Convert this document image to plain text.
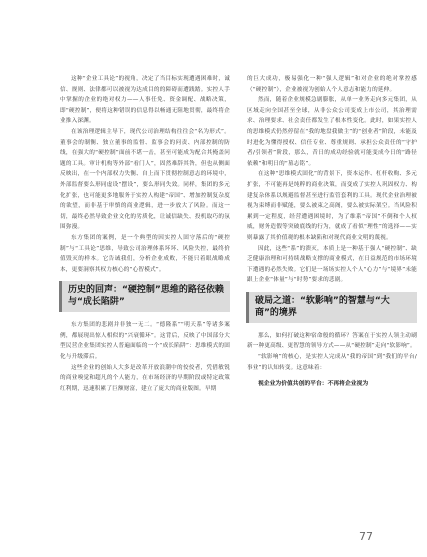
这种“企业工具论”的视角，决定了当目标实现遭遇困难时，诚信、规则、法律都可以被视为达成目的的障碍而遭践踏。实控人手中掌握的企业的绝对权力——人事任免、资金调配、战略决策，即“硬控制”，便将这种错误的信息得以畅通无阻地贯彻，最终将企业推入深渊。

在该治理逻辑主导下，现代公司治理结构往往会“名为形式”。董事会的制衡、独立董事的监督、监事会的问责、内部控制的防线，在强大的“硬控制”面前不堪一击，甚至可能成为配合其掩盖问题的工具。审计机构等外部“看门人”，固然难辞其咎，但也从侧面反映出，在一个内部权力失衡、自上而下贯彻控制意志的环境中，外部监督要么形同虚设“摆设”，要么形同失效。同样，集团的多元化扩张，也可能更多地服务于实控人构建“帝国”、增加控制复杂度的欲望，而非基于审慎的商业逻辑，进一步放大了风险。而这一切，最终必然导致企业文化的劣质化，让诚信缺失、投机取巧的氛围弥漫。

东方集团的案例，是一个典型的因实控人固守落后的“硬控制”与“工具论”思维，导致公司治理体系坏坏、风险失控，最终价值毁灭的样本。它告诫我们，分析企业成败，不能只着眼战略成本，更要洞察其权力核心的“心智模式”。

历史的回声：“硬控制”思维的路径依赖与“成长陷阱”

东方集团的悲剧并非独一无二。“德隆系”“明天系”等诸多案例，都展现出惊人相似的“兴衰循环”。这背后，反映了中国部分大型民营企业集团实控人普遍面临的一个“成长陷阱”：思维模式的固化与升级滞后。

这些企业的创始人大多是改革开放浪潮中的佼佼者，凭借敏锐的商业嗅觉和超凡的个人能力，在市场经济的早期阶段或特定政策红利期，迅速积累了巨额财富，建立了庞大的商业版图。早期

的巨大成功，极易强化一种“强人逻辑”和对企业的绝对掌控感（“硬控制”），企业被视为创始人个人意志和能力的延伸。

然而，随着企业规模急剧膨胀，从单一业务走向多元集团，从区域走向全国甚至全球，从非公众公司变成上市公司，其治理需求、治理要求、社会责任都发生了根本性变化。此时，如果实控人的思维模式仍然停留在“我的地盘我做主”的“创业者”阶段，未能及时进化为懂得授权、信任专业、尊重规则、承担公众责任的“守护者/引领者”阶段，那么，昔日的成功经验就可能变成今日的“路径依赖”和明日的“墓志铭”。

在这种“思维模式固化”的背景下，资本运作、杠杆收购、多元扩张，不可能再是纯粹的商业决策，而变成了实控人巩固权力、构建复杂体系以规避监督甚至进行监管套利的工具。现代企业治理被视为束缚而非赋能，要么被束之高阁，要么被实际架空。当风险积累到一定程度，经营遭遇困境时，为了维系“帝国”不倒和个人权威，财务造假等突破底线的行为，就成了看似“理性”的选择——实则暴露了其价值观的根本缺陷和对现代商业文明的蔑视。

因此，这些“系”的溃灭，本质上是一种基于强人“硬控制”、缺乏健康治理和可持续战略支撑的商业模式，在日益规范的市场环境下遭遇的必然失败。它们是一场场实控人个人“心力”与“境界”未能跟上企业“体量”与“时势”要求的悲剧。

破局之道：“软影响”的智慧与“大商”的境界

那么，如何打破这种宿命般的循环？答案在于实控人领主动刷新一种更高级、更智慧的领导方式——从“硬控制”走向“软影响”。

“软影响”的核心，是实控人完成从“我的帝国”到“我们的平台/事业”的认知转变。这意味着：

视企业为价值共创的平台：不再将企业视为

77
